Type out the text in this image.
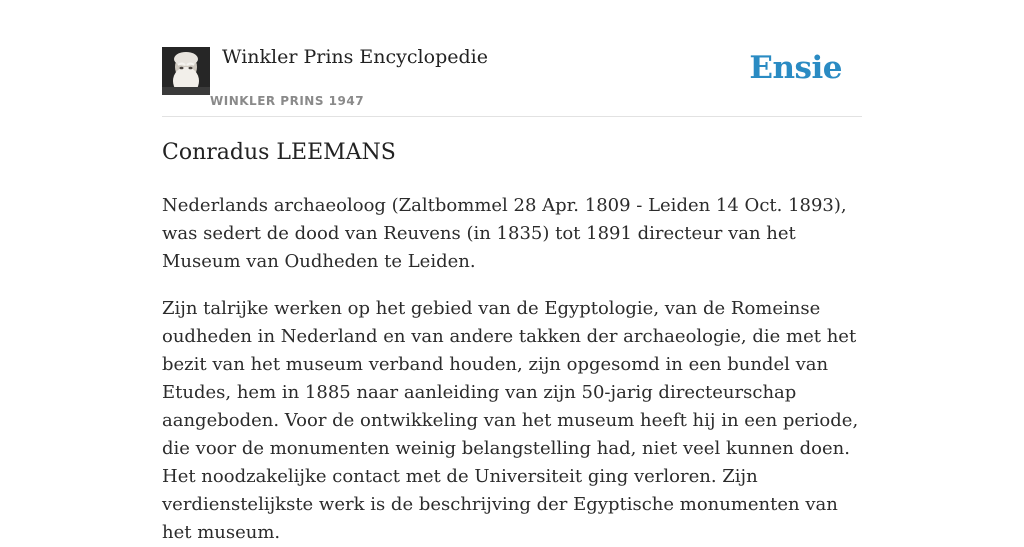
Winkler Prins Encyclopedie
WINKLER PRINS 1947
Ensie
Conradus LEEMANS

Nederlands archaeoloog (Zaltbommel 28 Apr. 1809 - Leiden 14 Oct. 1893), was sedert de dood van Reuvens (in 1835) tot 1891 directeur van het Museum van Oudheden te Leiden.

Zijn talrijke werken op het gebied van de Egyptologie, van de Romeinse oudheden in Nederland en van andere takken der archaeologie, die met het bezit van het museum verband houden, zijn opgesomd in een bundel van Etudes, hem in 1885 naar aanleiding van zijn 50-jarig directeurschap aangeboden. Voor de ontwikkeling van het museum heeft hij in een periode, die voor de monumenten weinig belangstelling had, niet veel kunnen doen. Het noodzakelijke contact met de Universiteit ging verloren. Zijn verdienstelijkste werk is de beschrijving der Egyptische monumenten van het museum.
